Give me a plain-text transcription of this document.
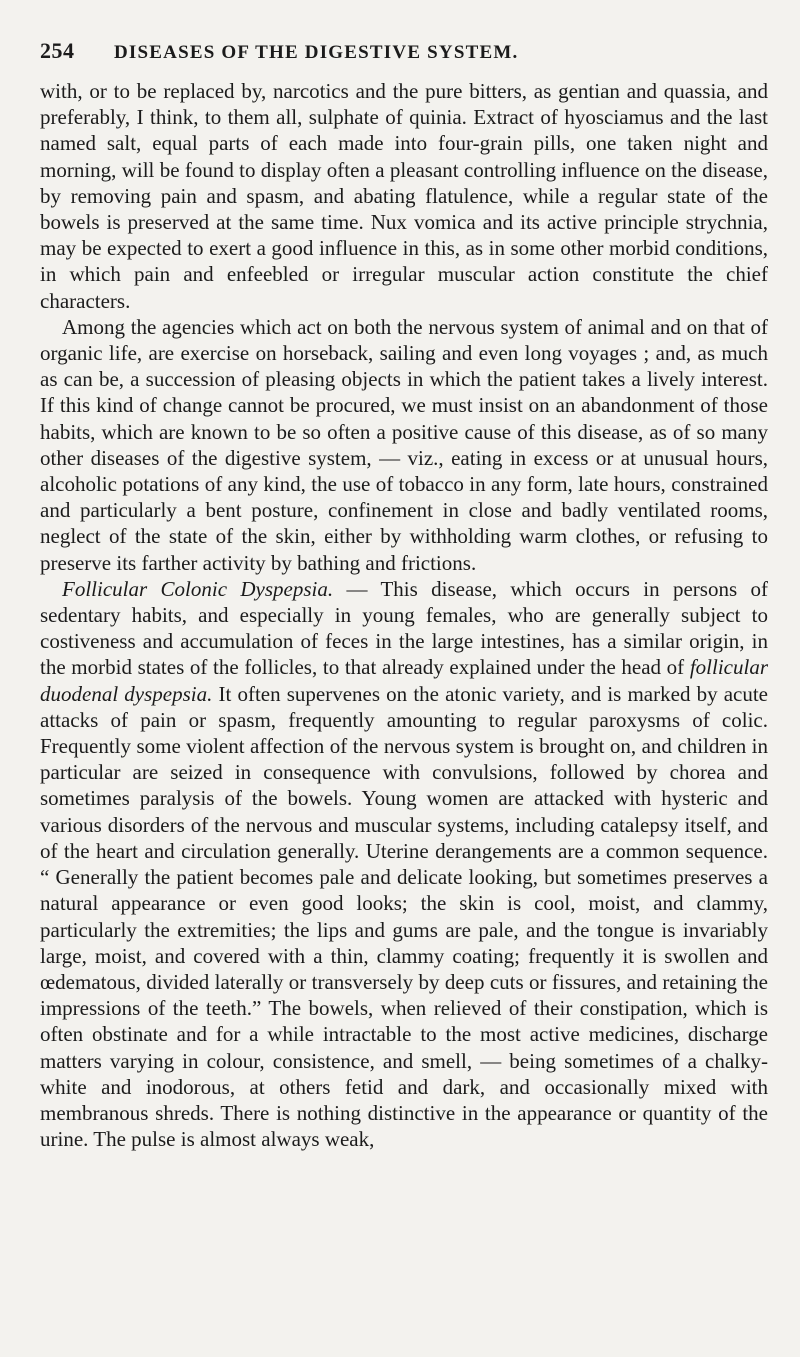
254	DISEASES OF THE DIGESTIVE SYSTEM.

with, or to be replaced by, narcotics and the pure bitters, as gentian and quassia, and preferably, I think, to them all, sulphate of quinia. Extract of hyosciamus and the last named salt, equal parts of each made into four-grain pills, one taken night and morning, will be found to display often a pleasant controlling influence on the disease, by removing pain and spasm, and abating flatulence, while a regular state of the bowels is preserved at the same time. Nux vomica and its active principle strychnia, may be expected to exert a good influence in this, as in some other morbid conditions, in which pain and enfeebled or irregular muscular action constitute the chief characters.

Among the agencies which act on both the nervous system of animal and on that of organic life, are exercise on horseback, sailing and even long voyages ; and, as much as can be, a succession of pleasing objects in which the patient takes a lively interest. If this kind of change cannot be procured, we must insist on an abandonment of those habits, which are known to be so often a positive cause of this disease, as of so many other diseases of the digestive system, — viz., eating in excess or at unusual hours, alcoholic potations of any kind, the use of tobacco in any form, late hours, constrained and particularly a bent posture, confinement in close and badly ventilated rooms, neglect of the state of the skin, either by withholding warm clothes, or refusing to preserve its farther activity by bathing and frictions.

Follicular Colonic Dyspepsia. — This disease, which occurs in persons of sedentary habits, and especially in young females, who are generally subject to costiveness and accumulation of feces in the large intestines, has a similar origin, in the morbid states of the follicles, to that already explained under the head of follicular duodenal dyspepsia. It often supervenes on the atonic variety, and is marked by acute attacks of pain or spasm, frequently amounting to regular paroxysms of colic. Frequently some violent affection of the nervous system is brought on, and children in particular are seized in consequence with convulsions, followed by chorea and sometimes paralysis of the bowels. Young women are attacked with hysteric and various disorders of the nervous and muscular systems, including catalepsy itself, and of the heart and circulation generally. Uterine derangements are a common sequence. “ Generally the patient becomes pale and delicate looking, but sometimes preserves a natural appearance or even good looks; the skin is cool, moist, and clammy, particularly the extremities; the lips and gums are pale, and the tongue is invariably large, moist, and covered with a thin, clammy coating; frequently it is swollen and œdematous, divided laterally or transversely by deep cuts or fissures, and retaining the impressions of the teeth.” The bowels, when relieved of their constipation, which is often obstinate and for a while intractable to the most active medicines, discharge matters varying in colour, consistence, and smell, — being sometimes of a chalky-white and inodorous, at others fetid and dark, and occasionally mixed with membranous shreds. There is nothing distinctive in the appearance or quantity of the urine. The pulse is almost always weak,
